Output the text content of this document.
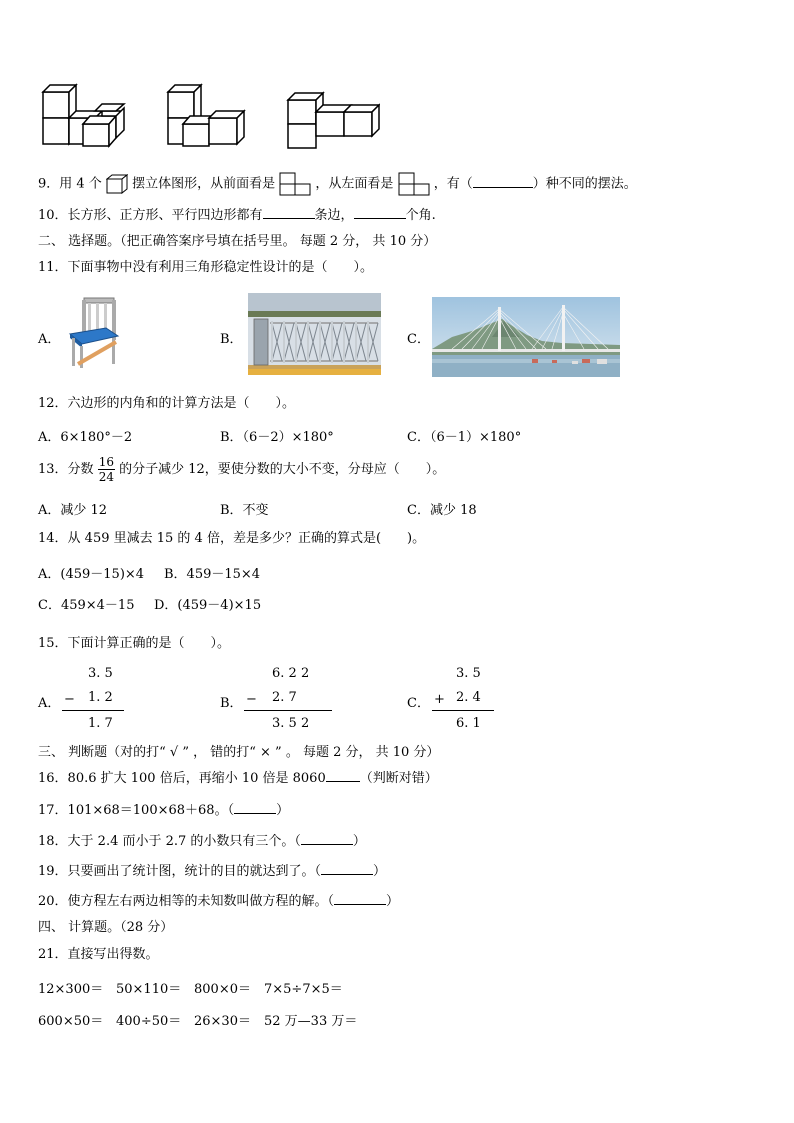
9．用 4 个 摆立体图形，从前面看是	，从左面看是	，有（	）种不同的摆法。
10．长方形、正方形、平行四边形都有	条边，	个角.
二、 选择题。（把正确答案序号填在括号里。 每题 2 分， 共 10 分）
11．下面事物中没有利用三角形稳定性设计的是（　　）。
A．	B．	C．
12．六边形的内角和的计算方法是（　　）。
A．6×180°－2	B．（6－2）×180°	C．（6－1）×180°
13．分数 $\frac{16}{24}$ 的分子减少 12，要使分数的大小不变，分母应（　　）。
A．减少 12	B．不变	C．减少 18
14．从 459 里减去 15 的 4 倍，差是多少？正确的算式是(　　)。
A．(459－15)×4 B．459－15×4
C．459×4－15 D．(459－4)×15
15．下面计算正确的是（　　）。
A．
3. 5
− 1. 2
1. 7
B．
6. 2 2
− 2. 7
3. 5 2
C．
3. 5
+ 2. 4
6. 1
三、 判断题（对的打“ √ ” ， 错的打“ × ” 。 每题 2 分， 共 10 分）
16．80.6 扩大 100 倍后，再缩小 10 倍是 8060	（判断对错）
17．101×68＝100×68＋68。（	）
18．大于 2.4 而小于 2.7 的小数只有三个。（	）
19．只要画出了统计图，统计的目的就达到了。（	）
20．使方程左右两边相等的未知数叫做方程的解。（	）
四、 计算题。（28 分）
21．直接写出得数。
12×300＝ 50×110＝ 800×0＝ 7×5÷7×5＝
600×50＝ 400÷50＝ 26×30＝ 52 万—33 万＝
